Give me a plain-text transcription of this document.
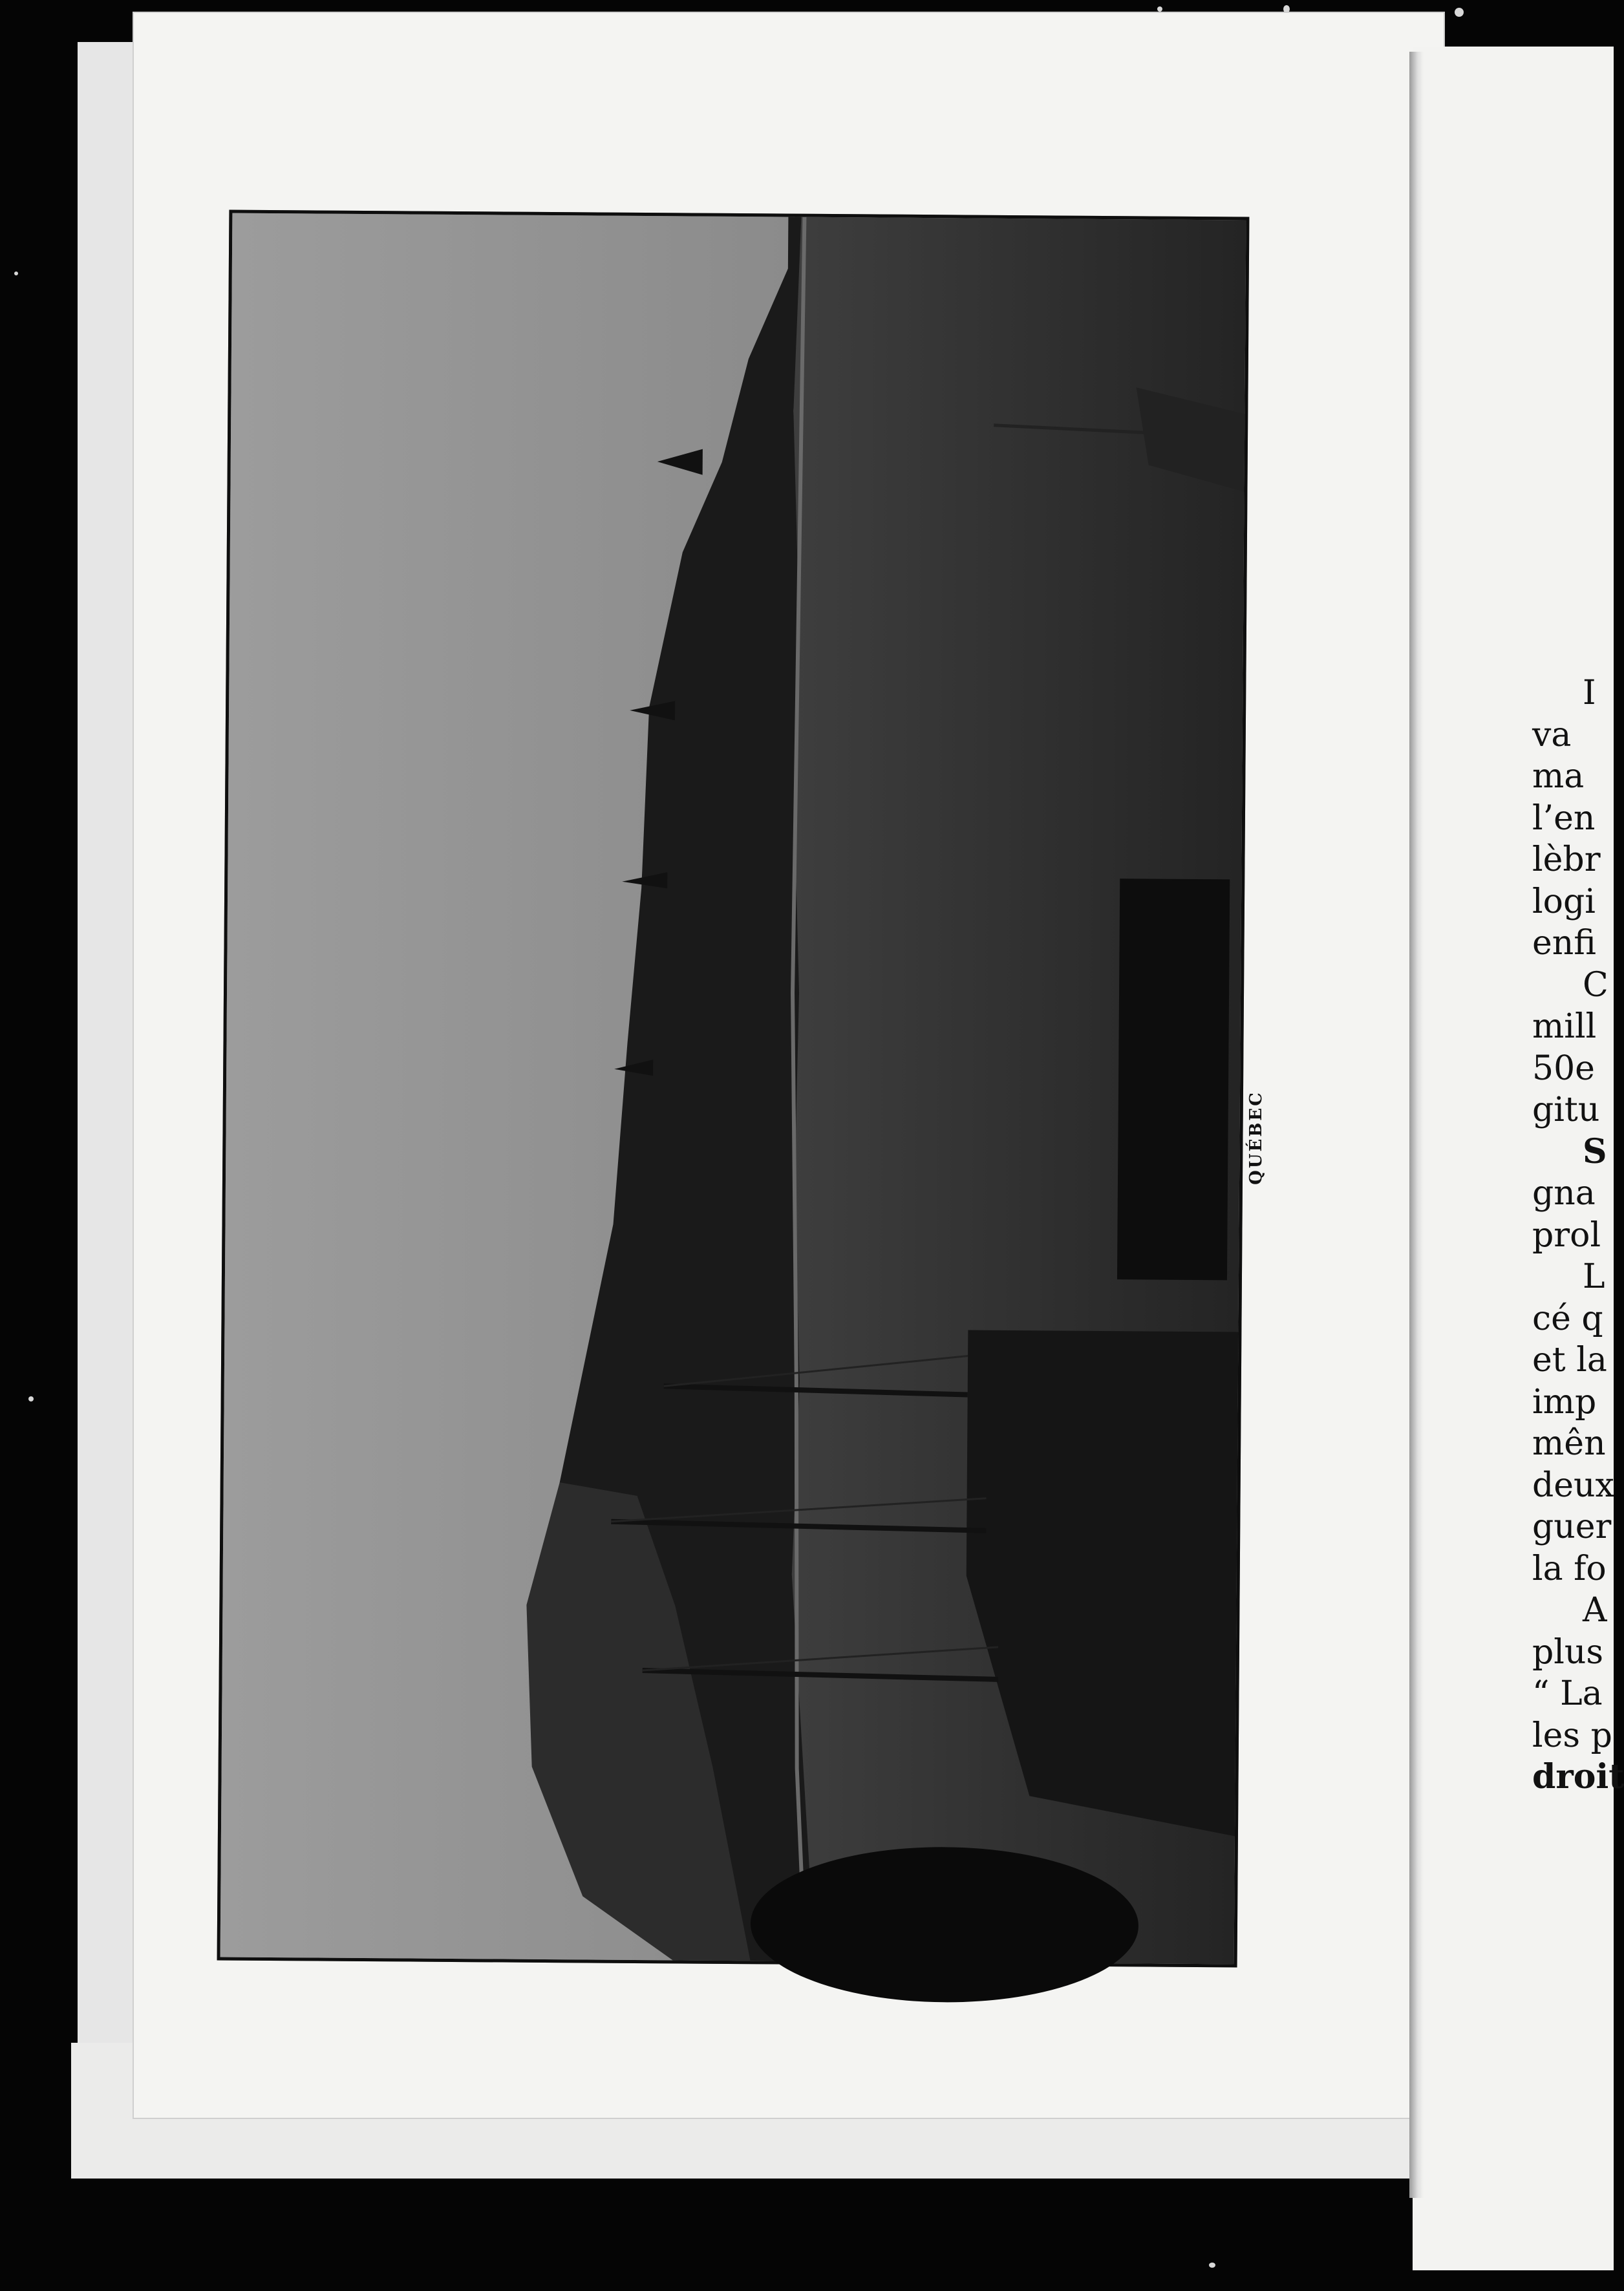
QUÉBEC
I
va
ma
l’en
lèbr
logi
enfi
C
mill
50e
gitu
S
gna
prol
L
cé q
et la
imp
mên
deux
guer
la fo
A
plus
“ La
les p
droit
